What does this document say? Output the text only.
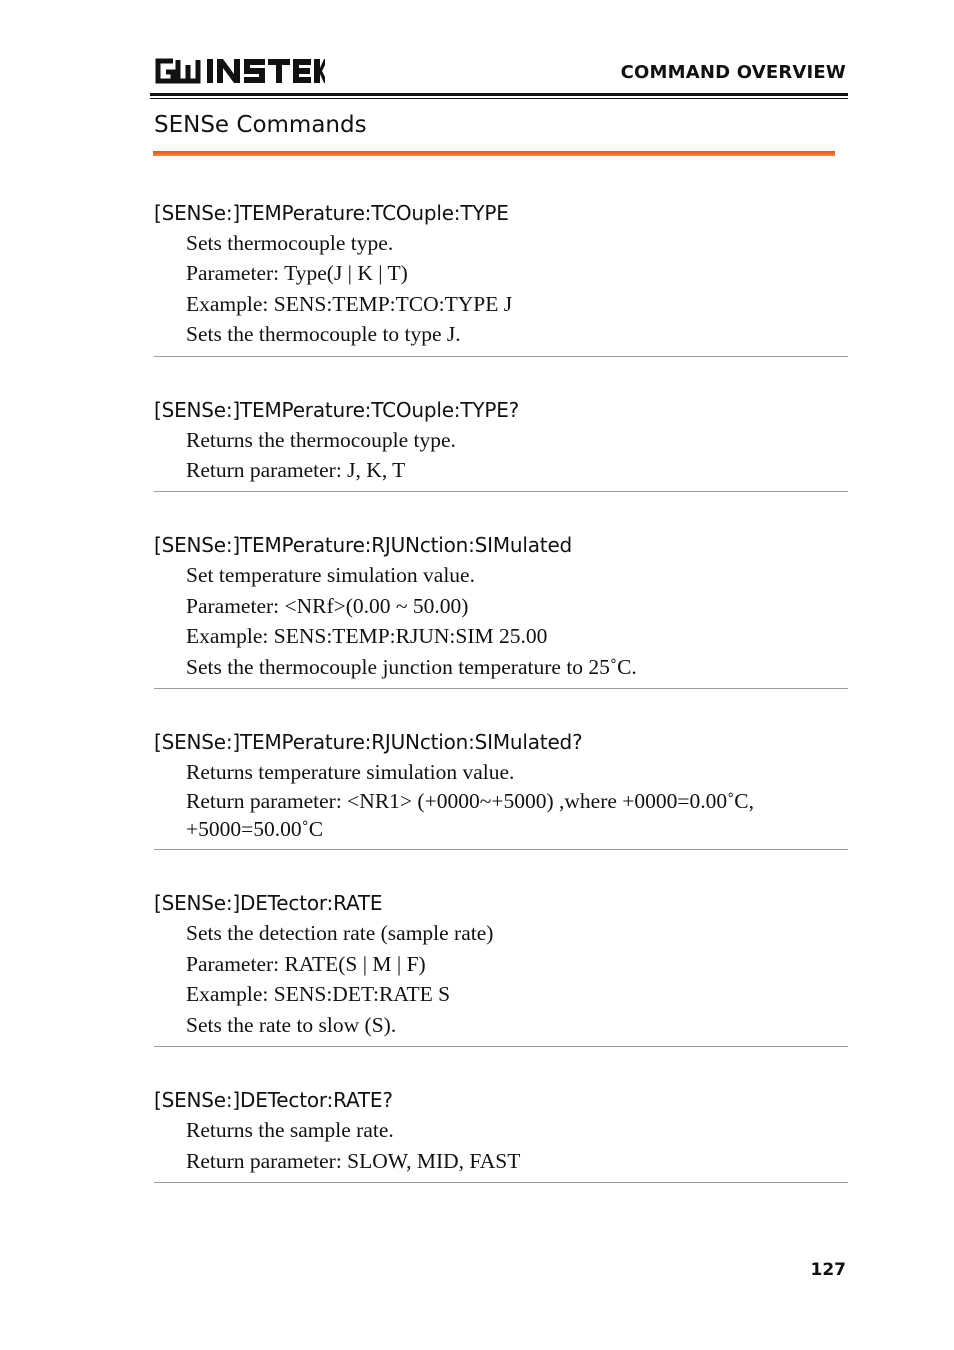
COMMAND OVERVIEW
SENSe Commands
[SENSe:]TEMPerature:TCOuple:TYPE
Sets thermocouple type.
Parameter: Type(J | K | T)
Example: SENS:TEMP:TCO:TYPE J
Sets the thermocouple to type J.
[SENSe:]TEMPerature:TCOuple:TYPE?
Returns the thermocouple type.
Return parameter: J, K, T
[SENSe:]TEMPerature:RJUNction:SIMulated
Set temperature simulation value.
Parameter: <NRf>(0.00 ~ 50.00)
Example: SENS:TEMP:RJUN:SIM 25.00
Sets the thermocouple junction temperature to 25˚C.
[SENSe:]TEMPerature:RJUNction:SIMulated?
Returns temperature simulation value.
Return parameter: <NR1> (+0000~+5000) ,where +0000=0.00˚C, +5000=50.00˚C
[SENSe:]DETector:RATE
Sets the detection rate (sample rate)
Parameter: RATE(S | M | F)
Example: SENS:DET:RATE S
Sets the rate to slow (S).
[SENSe:]DETector:RATE?
Returns the sample rate.
Return parameter: SLOW, MID, FAST
127
